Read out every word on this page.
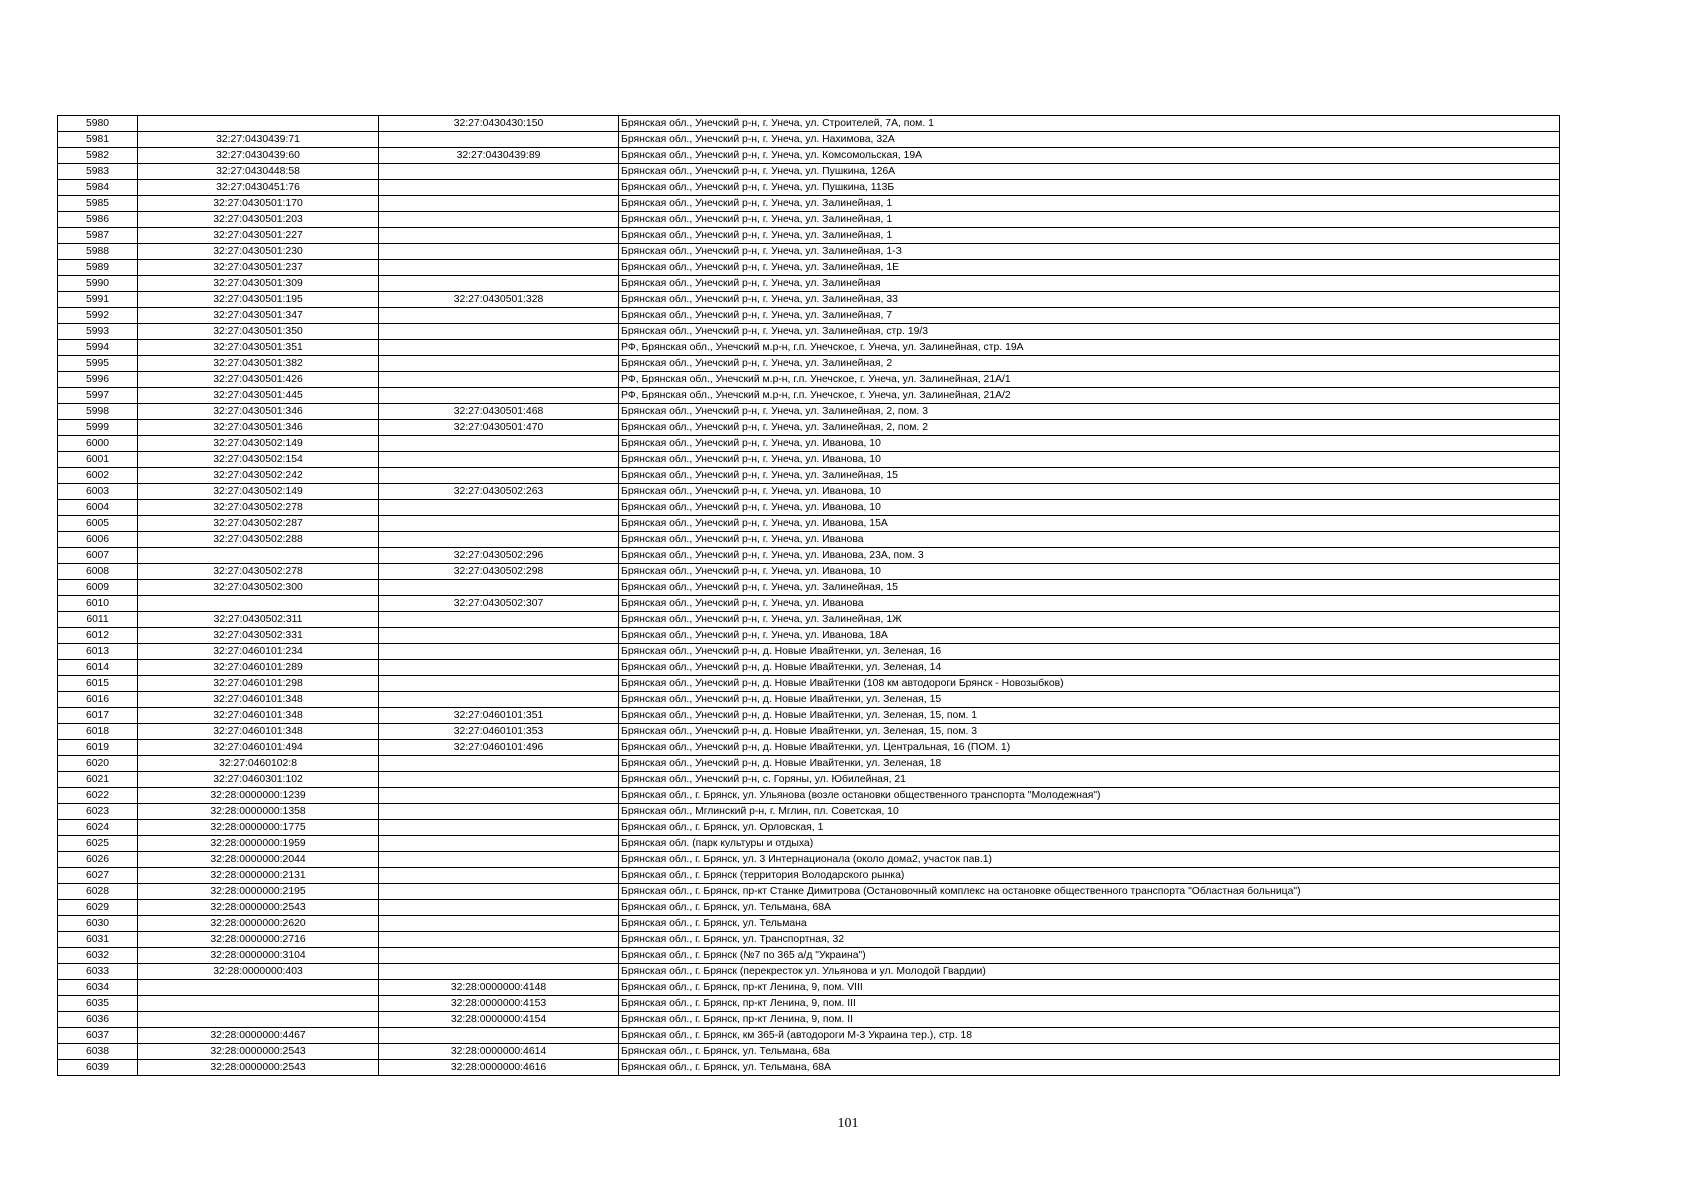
5980		32:27:0430430:150	Брянская обл., Унечский р-н, г. Унеча, ул. Строителей, 7А, пом. 1
5981	32:27:0430439:71		Брянская обл., Унечский р-н, г. Унеча, ул. Нахимова, 32А
5982	32:27:0430439:60	32:27:0430439:89	Брянская обл., Унечский р-н, г. Унеча, ул. Комсомольская, 19А
5983	32:27:0430448:58		Брянская обл., Унечский р-н, г. Унеча, ул. Пушкина, 126А
5984	32:27:0430451:76		Брянская обл., Унечский р-н, г. Унеча, ул. Пушкина, 113Б
5985	32:27:0430501:170		Брянская обл., Унечский р-н, г. Унеча, ул. Залинейная, 1
5986	32:27:0430501:203		Брянская обл., Унечский р-н, г. Унеча, ул. Залинейная, 1
5987	32:27:0430501:227		Брянская обл., Унечский р-н, г. Унеча, ул. Залинейная, 1
5988	32:27:0430501:230		Брянская обл., Унечский р-н, г. Унеча, ул. Залинейная, 1-З
5989	32:27:0430501:237		Брянская обл., Унечский р-н, г. Унеча, ул. Залинейная, 1Е
5990	32:27:0430501:309		Брянская обл., Унечский р-н, г. Унеча, ул. Залинейная
5991	32:27:0430501:195	32:27:0430501:328	Брянская обл., Унечский р-н, г. Унеча, ул. Залинейная, 33
5992	32:27:0430501:347		Брянская обл., Унечский р-н, г. Унеча, ул. Залинейная, 7
5993	32:27:0430501:350		Брянская обл., Унечский р-н, г. Унеча, ул. Залинейная, стр. 19/3
5994	32:27:0430501:351		РФ, Брянская обл., Унечский м.р-н, г.п. Унечское, г. Унеча, ул. Залинейная, стр. 19А
5995	32:27:0430501:382		Брянская обл., Унечский р-н, г. Унеча, ул. Залинейная, 2
5996	32:27:0430501:426		РФ, Брянская обл., Унечский м.р-н, г.п. Унечское, г. Унеча, ул. Залинейная, 21А/1
5997	32:27:0430501:445		РФ, Брянская обл., Унечский м.р-н, г.п. Унечское, г. Унеча, ул. Залинейная, 21А/2
5998	32:27:0430501:346	32:27:0430501:468	Брянская обл., Унечский р-н, г. Унеча, ул. Залинейная, 2, пом. 3
5999	32:27:0430501:346	32:27:0430501:470	Брянская обл., Унечский р-н, г. Унеча, ул. Залинейная, 2, пом. 2
6000	32:27:0430502:149		Брянская обл., Унечский р-н, г. Унеча, ул. Иванова, 10
6001	32:27:0430502:154		Брянская обл., Унечский р-н, г. Унеча, ул. Иванова, 10
6002	32:27:0430502:242		Брянская обл., Унечский р-н, г. Унеча, ул. Залинейная, 15
6003	32:27:0430502:149	32:27:0430502:263	Брянская обл., Унечский р-н, г. Унеча, ул. Иванова, 10
6004	32:27:0430502:278		Брянская обл., Унечский р-н, г. Унеча, ул. Иванова, 10
6005	32:27:0430502:287		Брянская обл., Унечский р-н, г. Унеча, ул. Иванова, 15А
6006	32:27:0430502:288		Брянская обл., Унечский р-н, г. Унеча, ул. Иванова
6007		32:27:0430502:296	Брянская обл., Унечский р-н, г. Унеча, ул. Иванова, 23А, пом. 3
6008	32:27:0430502:278	32:27:0430502:298	Брянская обл., Унечский р-н, г. Унеча, ул. Иванова, 10
6009	32:27:0430502:300		Брянская обл., Унечский р-н, г. Унеча, ул. Залинейная, 15
6010		32:27:0430502:307	Брянская обл., Унечский р-н, г. Унеча, ул. Иванова
6011	32:27:0430502:311		Брянская обл., Унечский р-н, г. Унеча, ул. Залинейная, 1Ж
6012	32:27:0430502:331		Брянская обл., Унечский р-н, г. Унеча, ул. Иванова, 18А
6013	32:27:0460101:234		Брянская обл., Унечский р-н, д. Новые Ивайтенки, ул. Зеленая, 16
6014	32:27:0460101:289		Брянская обл., Унечский р-н, д. Новые Ивайтенки, ул. Зеленая, 14
6015	32:27:0460101:298		Брянская обл., Унечский р-н, д. Новые Ивайтенки (108 км автодороги Брянск - Новозыбков)
6016	32:27:0460101:348		Брянская обл., Унечский р-н, д. Новые Ивайтенки, ул. Зеленая, 15
6017	32:27:0460101:348	32:27:0460101:351	Брянская обл., Унечский р-н, д. Новые Ивайтенки, ул. Зеленая, 15, пом. 1
6018	32:27:0460101:348	32:27:0460101:353	Брянская обл., Унечский р-н, д. Новые Ивайтенки, ул. Зеленая, 15, пом. 3
6019	32:27:0460101:494	32:27:0460101:496	Брянская обл., Унечский р-н, д. Новые Ивайтенки, ул. Центральная, 16 (ПОМ. 1)
6020	32:27:0460102:8		Брянская обл., Унечский р-н, д. Новые Ивайтенки, ул. Зеленая, 18
6021	32:27:0460301:102		Брянская обл., Унечский р-н, с. Горяны, ул. Юбилейная, 21
6022	32:28:0000000:1239		Брянская обл., г. Брянск, ул. Ульянова (возле остановки общественного транспорта "Молодежная")
6023	32:28:0000000:1358		Брянская обл., Мглинский р-н, г. Мглин, пл. Советская, 10
6024	32:28:0000000:1775		Брянская обл., г. Брянск, ул. Орловская, 1
6025	32:28:0000000:1959		Брянская обл. (парк культуры и отдыха)
6026	32:28:0000000:2044		Брянская обл., г. Брянск, ул. 3 Интернационала (около дома2, участок пав.1)
6027	32:28:0000000:2131		Брянская обл., г. Брянск (территория Володарского рынка)
6028	32:28:0000000:2195		Брянская обл., г. Брянск, пр-кт Станке Димитрова (Остановочный комплекс на остановке общественного транспорта "Областная больница")
6029	32:28:0000000:2543		Брянская обл., г. Брянск, ул. Тельмана, 68А
6030	32:28:0000000:2620		Брянская обл., г. Брянск, ул. Тельмана
6031	32:28:0000000:2716		Брянская обл., г. Брянск, ул. Транспортная, 32
6032	32:28:0000000:3104		Брянская обл., г. Брянск (№7 по 365 а/д "Украина")
6033	32:28:0000000:403		Брянская обл., г. Брянск (перекресток ул. Ульянова и ул. Молодой Гвардии)
6034		32:28:0000000:4148	Брянская обл., г. Брянск, пр-кт Ленина, 9, пом. VIII
6035		32:28:0000000:4153	Брянская обл., г. Брянск, пр-кт Ленина, 9, пом. III
6036		32:28:0000000:4154	Брянская обл., г. Брянск, пр-кт Ленина, 9, пом. II
6037	32:28:0000000:4467		Брянская обл., г. Брянск, км 365-й (автодороги М-3 Украина тер.), стр. 18
6038	32:28:0000000:2543	32:28:0000000:4614	Брянская обл., г. Брянск, ул. Тельмана, 68а
6039	32:28:0000000:2543	32:28:0000000:4616	Брянская обл., г. Брянск, ул. Тельмана, 68А
101
